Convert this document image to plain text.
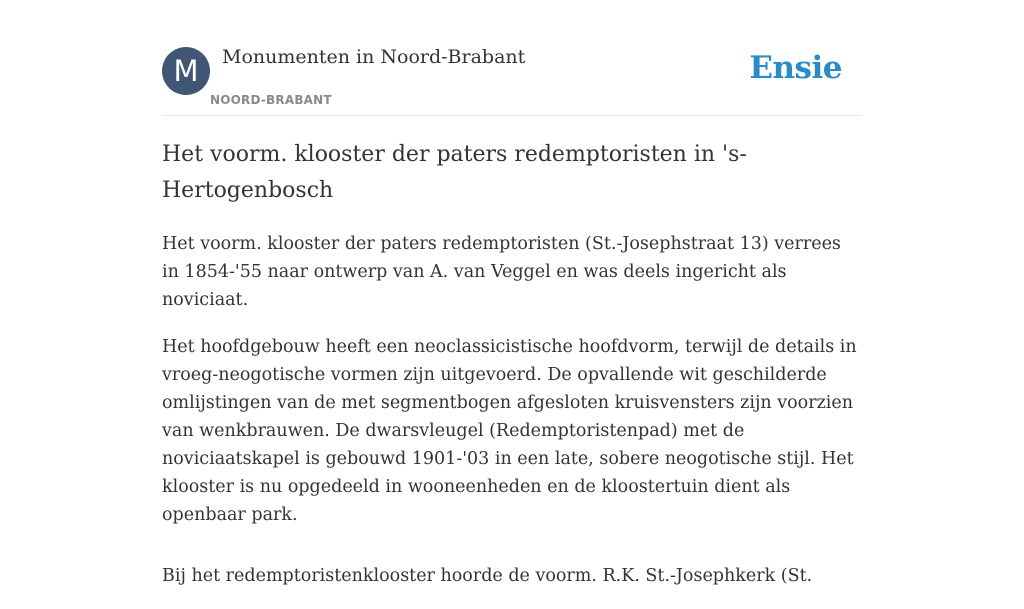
M	Monumenten in Noord-Brabant
NOORD-BRABANT
Ensie
Het voorm. klooster der paters redemptoristen in 's-Hertogenbosch

Het voorm. klooster der paters redemptoristen (St.-Josephstraat 13) verrees in 1854-'55 naar ontwerp van A. van Veggel en was deels ingericht als noviciaat.

Het hoofdgebouw heeft een neoclassicistische hoofdvorm, terwijl de details in vroeg-neogotische vormen zijn uitgevoerd. De opvallende wit geschilderde omlijstingen van de met segmentbogen afgesloten kruisvensters zijn voorzien van wenkbrauwen. De dwarsvleugel (Redemptoristenpad) met de noviciaatskapel is gebouwd 1901-'03 in een late, sobere neogotische stijl. Het klooster is nu opgedeeld in wooneenheden en de kloostertuin dient als openbaar park.

Bij het redemptoristenklooster hoorde de voorm. R.K. St.-Josephkerk (St.
